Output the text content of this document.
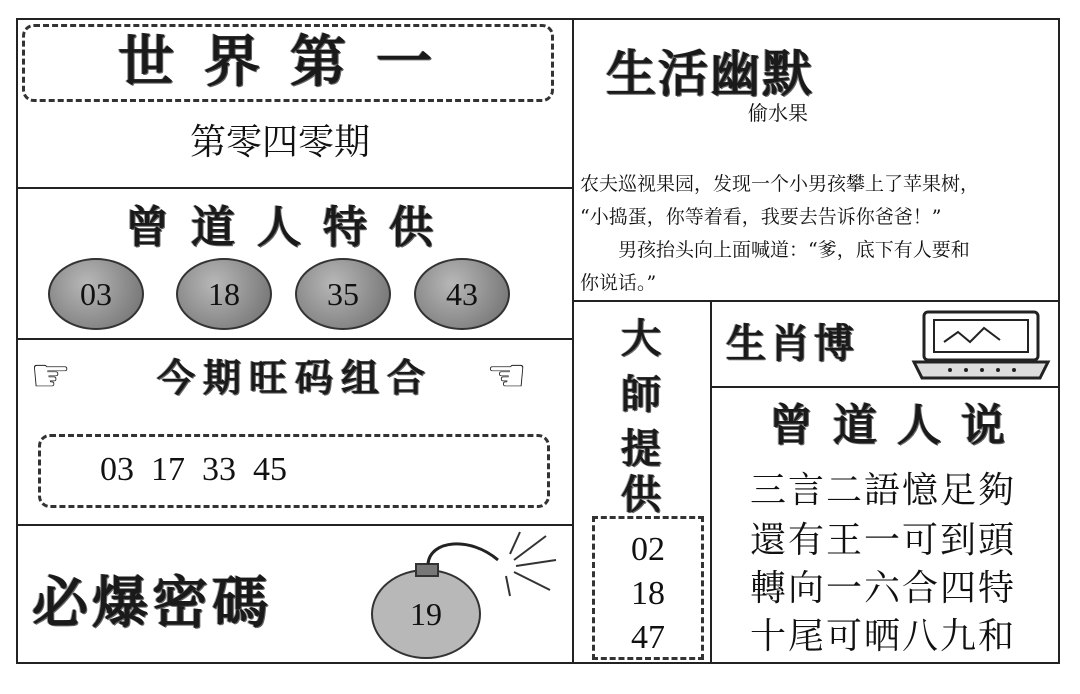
世界第一
第零四零期
曾道人特供
03	18	35	43
☞	今期旺码组合	☜
03  17  33  45
必爆密碼	19
生活幽默
偷水果
农夫巡视果园，发现一个小男孩攀上了苹果树，
“小捣蛋，你等着看，我要去告诉你爸爸！”
　　男孩抬头向上面喊道：“爹，底下有人要和
你说话。”
大
師
提
供
02
18
47
生肖博
曾道人说
三言二語憶足夠
還有王一可到頭
轉向一六合四特
十尾可晒八九和
